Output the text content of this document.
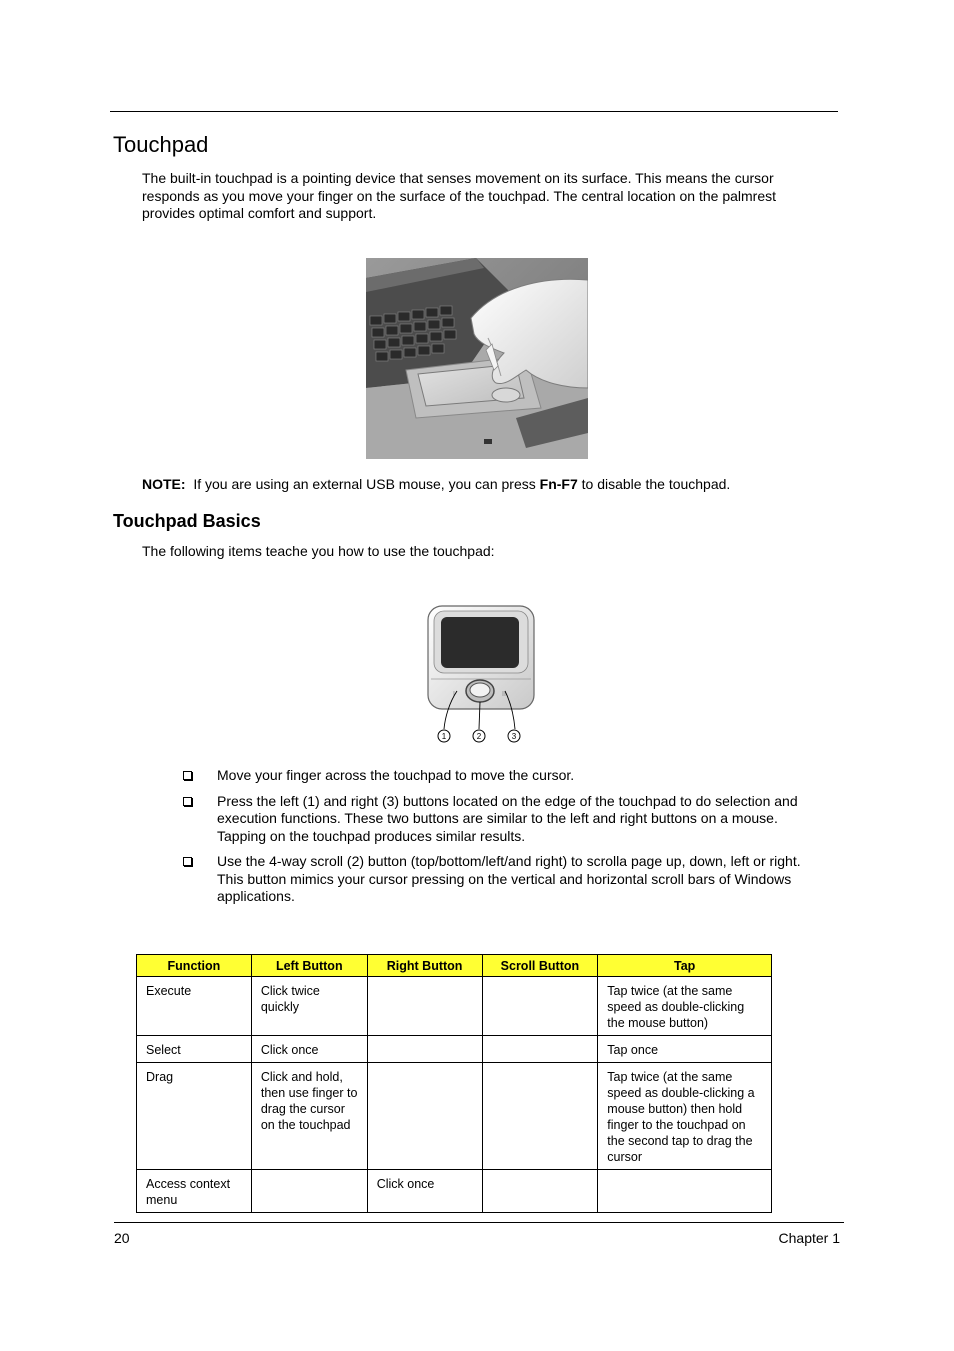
Touchpad

The built-in touchpad is a pointing device that senses movement on its surface. This means the cursor responds as you move your finger on the surface of the touchpad. The central location on the palmrest provides optimal comfort and support.

NOTE: If you are using an external USB mouse, you can press Fn-F7 to disable the touchpad.

Touchpad Basics

The following items teache you how to use the touchpad:

I	II
1	2	3
Move your finger across the touchpad to move the cursor.
Press the left (1) and right (3) buttons located on the edge of the touchpad to do selection and execution functions. These two buttons are similar to the left and right buttons on a mouse. Tapping on the touchpad produces similar results.
Use the 4-way scroll (2) button (top/bottom/left/and right) to scrolla page up, down, left or right. This button mimics your cursor pressing on the vertical and horizontal scroll bars of Windows applications.
Function	Left Button	Right Button	Scroll Button	Tap
Execute	Click twice quickly			Tap twice (at the same speed as double-clicking the mouse button)
Select	Click once			Tap once
Drag	Click and hold, then use finger to drag the cursor on the touchpad			Tap twice (at the same speed as double-clicking a mouse button) then hold finger to the touchpad on the second tap to drag the cursor
Access context menu		Click once		
20	Chapter 1
